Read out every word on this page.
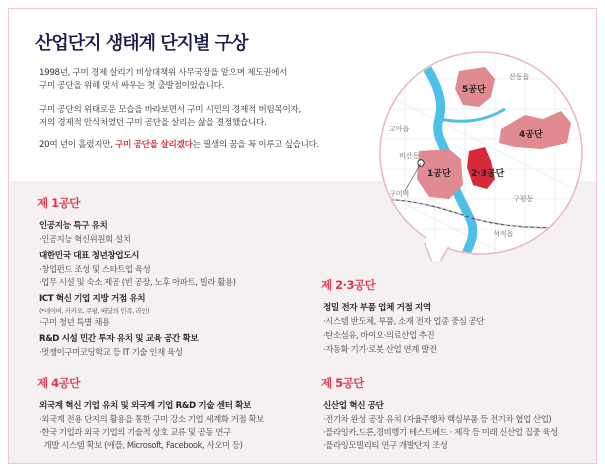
산업단지 생태계 단지별 구상
1998년, 구미 경제 살리기 비상대책위 사무국장을 맡으며 제도권에서
구미 공단을 위해 맞서 싸우는 첫 출발점이었습니다.
구미 공단의 위태로운 모습을 바라보면서 구미 시민의 경제적 버팀목이자,
저의 경제적 안식처였던 구미 공단을 살리는 삶을 결정했습니다.
20여 년이 흘렀지만, 구미 공단을 살리겠다는 필생의 꿈을 꼭 이루고 싶습니다.
산동읍
고아읍
비산동
구미역
구평동
석적읍
5공단
4공단
1공단 2·3공단
제 1공단
인공지능 특구 유치
·인공지능 혁신위원회 설치
대한민국 대표 청년창업도시
·창업펀드 조성 및 스타트업 육성
·업무 시설 및 숙소 제공 (빈 공장, 노후 아파트, 빌라 활용)
ICT 혁신 기업 지방 거점 유치
(*네이버, 카카오, 쿠팡, 배달의 민족, 라인)
·구미 청년 특별 채용
R&D 시설 민간 투자 유치 및 교육 공간 확보
·멋쟁이구미코딩학교 등 IT 기술 인재 육성
제 2·3공단
정밀 전자 부품 업체 거점 지역
·시스템 반도체, 부품, 소재 전자 업종 중심 공단
·탄소섬유, 바이오·의료산업 추진
·자동화 기기·로봇 산업 연계 발전
제 4공단
외국계 혁신 기업 유치 및 외국계 기업 R&D 기술 센터 확보
·외국계 전용 단지의 활용을 통한 구미 강소 기업 세계화 거점 확보
·한국 기업과 외국 기업의 기술적 상호 교류 및 공동 연구
개발 시스템 확보 (애플, Microsoft, Facebook, 사오미 등)
제 5공단
신산업 혁신 공단
·전기차 완성 공장 유치 (자율주행차 핵심부품 등 전기차 협업 산업)
·플라잉카,드론,경비행기 테스트베드 · 제작 등 미래 신산업 집중 육성
·플라잉모빌리티 연구 개발단지 조성
